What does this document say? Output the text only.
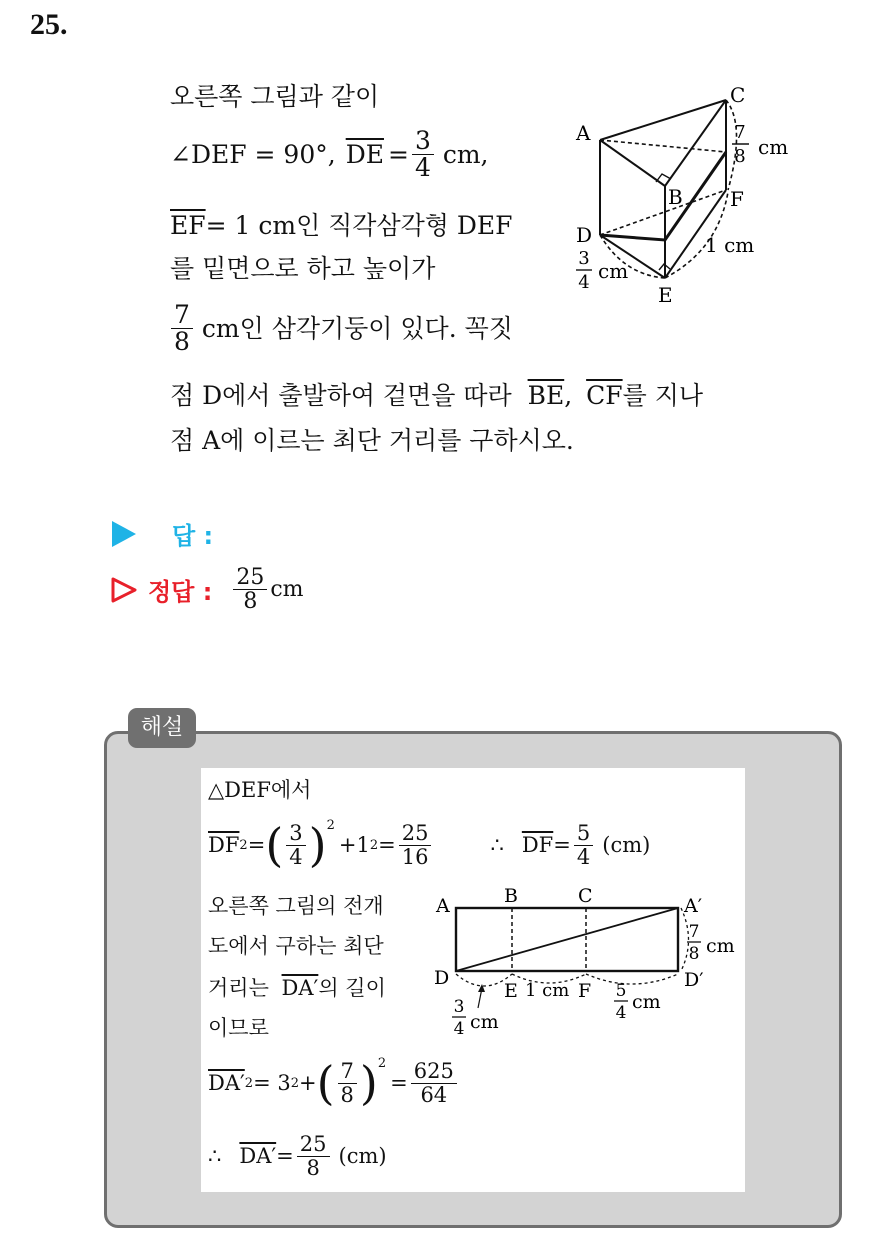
25.
오른쪽 그림과 같이
∠DEF = 90°, $\overline{DE} = \frac{3}{4}$ cm,
$\overline{EF}= 1$ cm인 직각삼각형 DEF
를 밑면으로 하고 높이가
$\frac{7}{8}$ cm인 삼각기둥이 있다. 꼭짓
점 D에서 출발하여 겉면을 따라 $\overline{BE}$, $\overline{CF}$를 지나
점 A에 이르는 최단 거리를 구하시오.
A
B
C
D
E
F
7
8 cm
3
4 cm
1 cm
답 :
정답 : $\frac{25}{8}$ cm
해설
△DEF에서
$\overline{DF}$ 2 = ( $\frac{3}{4} )^2$
+1 $2 = \frac{25}{16}$	∴ $\overline{DF} = \frac{5}{4} (cm)$
오른쪽 그림의 전개
도에서 구하는 최단
거리는 DA′의 길이
이므로
A	B	C	A′
D
E	F	D′
1 cm
7
8 cm
3
4 cm
5
4 cm
DA′ 2 = 3 2 + ( $\frac{7}{8} )^2$
= $\frac{625}{64}$
∴ $DA' = \frac{25}{8} (cm)$
